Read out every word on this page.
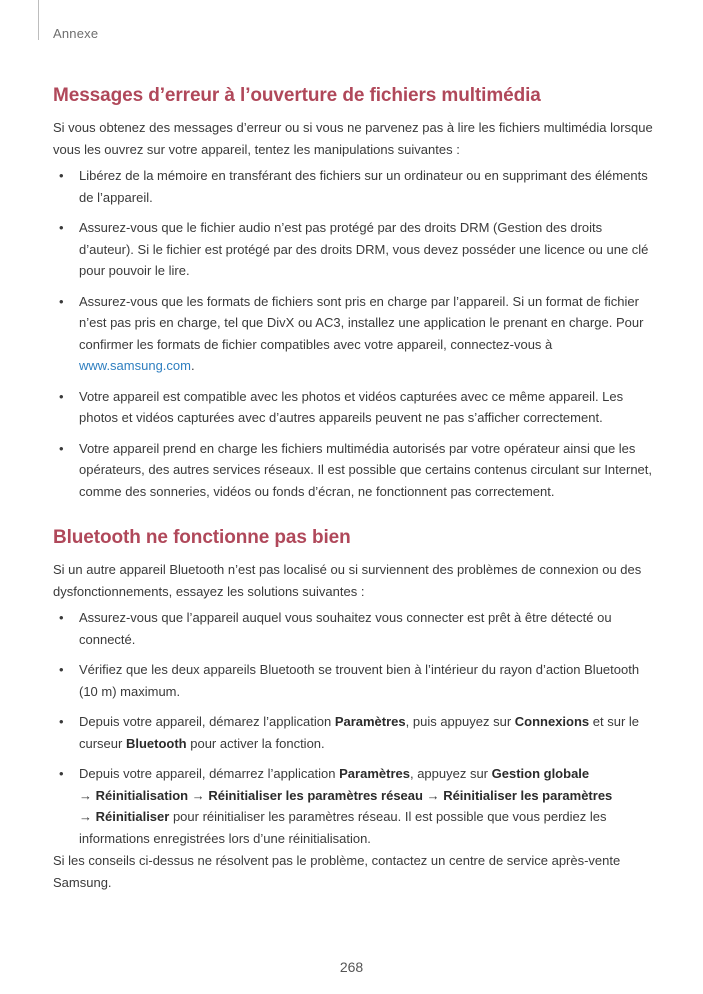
Annexe
Messages d’erreur à l’ouverture de fichiers multimédia

Si vous obtenez des messages d’erreur ou si vous ne parvenez pas à lire les fichiers multimédia lorsque vous les ouvrez sur votre appareil, tentez les manipulations suivantes :

• Libérez de la mémoire en transférant des fichiers sur un ordinateur ou en supprimant des éléments de l’appareil.
• Assurez-vous que le fichier audio n’est pas protégé par des droits DRM (Gestion des droits d’auteur). Si le fichier est protégé par des droits DRM, vous devez posséder une licence ou une clé pour pouvoir le lire.
• Assurez-vous que les formats de fichiers sont pris en charge par l’appareil. Si un format de fichier n’est pas pris en charge, tel que DivX ou AC3, installez une application le prenant en charge. Pour confirmer les formats de fichier compatibles avec votre appareil, connectez-vous à www.samsung.com.
• Votre appareil est compatible avec les photos et vidéos capturées avec ce même appareil. Les photos et vidéos capturées avec d’autres appareils peuvent ne pas s’afficher correctement.
• Votre appareil prend en charge les fichiers multimédia autorisés par votre opérateur ainsi que les opérateurs, des autres services réseaux. Il est possible que certains contenus circulant sur Internet, comme des sonneries, vidéos ou fonds d’écran, ne fonctionnent pas correctement.
Bluetooth ne fonctionne pas bien

Si un autre appareil Bluetooth n’est pas localisé ou si surviennent des problèmes de connexion ou des dysfonctionnements, essayez les solutions suivantes :

• Assurez-vous que l’appareil auquel vous souhaitez vous connecter est prêt à être détecté ou connecté.
• Vérifiez que les deux appareils Bluetooth se trouvent bien à l’intérieur du rayon d’action Bluetooth (10 m) maximum.
• Depuis votre appareil, démarez l’application Paramètres, puis appuyez sur Connexions et sur le curseur Bluetooth pour activer la fonction.
• Depuis votre appareil, démarrez l’application Paramètres, appuyez sur Gestion globale
→ Réinitialisation → Réinitialiser les paramètres réseau → Réinitialiser les paramètres
→ Réinitialiser pour réinitialiser les paramètres réseau. Il est possible que vous perdiez les informations enregistrées lors d’une réinitialisation.

Si les conseils ci-dessus ne résolvent pas le problème, contactez un centre de service après-vente Samsung.

268
